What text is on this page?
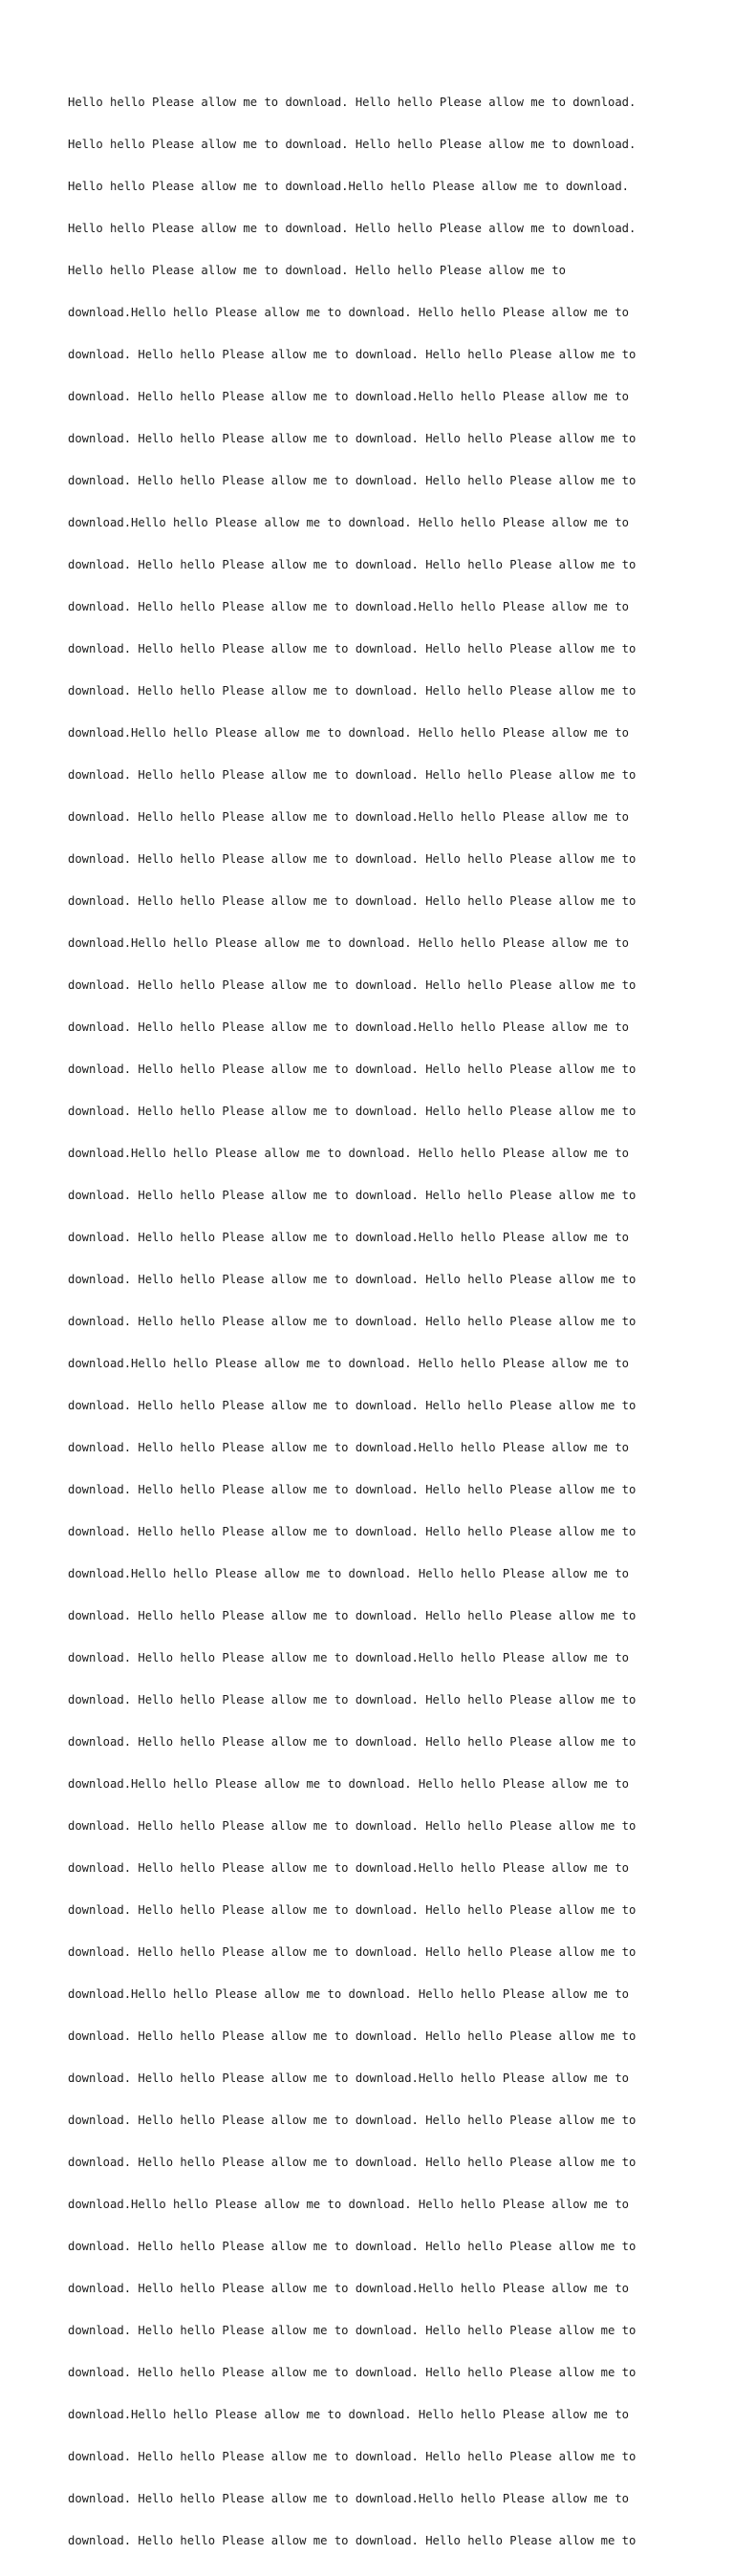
Hello hello Please allow me to download. Hello hello Please allow me to download.

Hello hello Please allow me to download. Hello hello Please allow me to download.

Hello hello Please allow me to download.Hello hello Please allow me to download.

Hello hello Please allow me to download. Hello hello Please allow me to download.

Hello hello Please allow me to download. Hello hello Please allow me to

download.Hello hello Please allow me to download. Hello hello Please allow me to

download. Hello hello Please allow me to download. Hello hello Please allow me to

download. Hello hello Please allow me to download.Hello hello Please allow me to

download. Hello hello Please allow me to download. Hello hello Please allow me to

download. Hello hello Please allow me to download. Hello hello Please allow me to

download.Hello hello Please allow me to download. Hello hello Please allow me to

download. Hello hello Please allow me to download. Hello hello Please allow me to

download. Hello hello Please allow me to download.Hello hello Please allow me to

download. Hello hello Please allow me to download. Hello hello Please allow me to

download. Hello hello Please allow me to download. Hello hello Please allow me to

download.Hello hello Please allow me to download. Hello hello Please allow me to

download. Hello hello Please allow me to download. Hello hello Please allow me to

download. Hello hello Please allow me to download.Hello hello Please allow me to

download. Hello hello Please allow me to download. Hello hello Please allow me to

download. Hello hello Please allow me to download. Hello hello Please allow me to

download.Hello hello Please allow me to download. Hello hello Please allow me to

download. Hello hello Please allow me to download. Hello hello Please allow me to

download. Hello hello Please allow me to download.Hello hello Please allow me to

download. Hello hello Please allow me to download. Hello hello Please allow me to

download. Hello hello Please allow me to download. Hello hello Please allow me to

download.Hello hello Please allow me to download. Hello hello Please allow me to

download. Hello hello Please allow me to download. Hello hello Please allow me to

download. Hello hello Please allow me to download.Hello hello Please allow me to

download. Hello hello Please allow me to download. Hello hello Please allow me to

download. Hello hello Please allow me to download. Hello hello Please allow me to

download.Hello hello Please allow me to download. Hello hello Please allow me to

download. Hello hello Please allow me to download. Hello hello Please allow me to

download. Hello hello Please allow me to download.Hello hello Please allow me to

download. Hello hello Please allow me to download. Hello hello Please allow me to

download. Hello hello Please allow me to download. Hello hello Please allow me to

download.Hello hello Please allow me to download. Hello hello Please allow me to

download. Hello hello Please allow me to download. Hello hello Please allow me to

download. Hello hello Please allow me to download.Hello hello Please allow me to

download. Hello hello Please allow me to download. Hello hello Please allow me to

download. Hello hello Please allow me to download. Hello hello Please allow me to

download.Hello hello Please allow me to download. Hello hello Please allow me to

download. Hello hello Please allow me to download. Hello hello Please allow me to

download. Hello hello Please allow me to download.Hello hello Please allow me to

download. Hello hello Please allow me to download. Hello hello Please allow me to

download. Hello hello Please allow me to download. Hello hello Please allow me to

download.Hello hello Please allow me to download. Hello hello Please allow me to

download. Hello hello Please allow me to download. Hello hello Please allow me to

download. Hello hello Please allow me to download.Hello hello Please allow me to

download. Hello hello Please allow me to download. Hello hello Please allow me to

download. Hello hello Please allow me to download. Hello hello Please allow me to

download.Hello hello Please allow me to download. Hello hello Please allow me to

download. Hello hello Please allow me to download. Hello hello Please allow me to

download. Hello hello Please allow me to download.Hello hello Please allow me to

download. Hello hello Please allow me to download. Hello hello Please allow me to

download. Hello hello Please allow me to download. Hello hello Please allow me to

download.Hello hello Please allow me to download. Hello hello Please allow me to

download. Hello hello Please allow me to download. Hello hello Please allow me to

download. Hello hello Please allow me to download.Hello hello Please allow me to

download. Hello hello Please allow me to download. Hello hello Please allow me to
